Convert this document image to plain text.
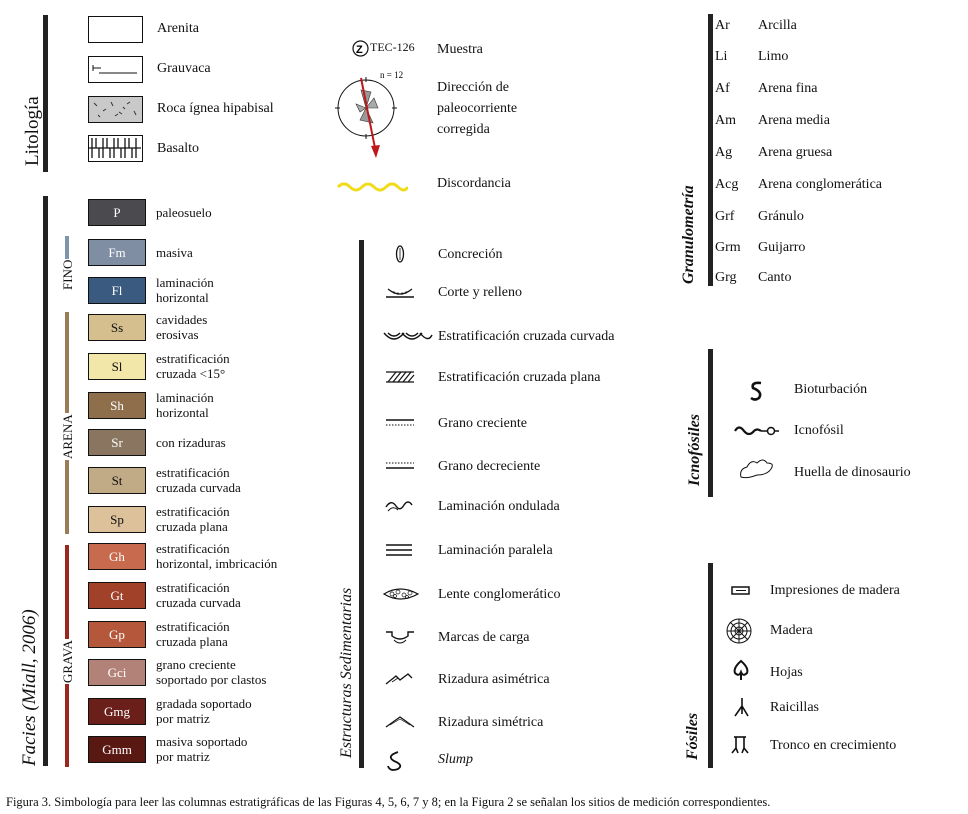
Litología
Arenita
Grauvaca
Roca ígnea hipabisal
Basalto
Facies (Miall, 2006)
FINO
ARENA
GRAVA
P	paleosuelo
Fm	masiva
Fl	laminación
horizontal
Ss	cavidades
erosivas
Sl	estratificación
cruzada <15°
Sh	laminación
horizontal
Sr	con rizaduras
St	estratificación
cruzada curvada
Sp	estratificación
cruzada plana
Gh	estratificación
horizontal, imbricación
Gt	estratificación
cruzada curvada
Gp	estratificación
cruzada plana
Gci	grano creciente
soportado por clastos
Gmg	gradada soportado
por matriz
Gmm	masiva soportado
por matriz
Z TEC-126 Muestra
n = 12
Dirección de
paleocorriente
corregida
Discordancia
Estructuras Sedimentarias
Concreción
Corte y relleno
Estratificación cruzada curvada
Estratificación cruzada plana
Grano creciente
Grano decreciente
Laminación ondulada
Laminación paralela
Lente conglomerático
Marcas de carga
Rizadura asimétrica
Rizadura simétrica
Slump
Granulometría
Ar Arcilla
Li Limo
Af Arena fina
Am Arena media
Ag Arena gruesa
Acg Arena conglomerática
Grf Gránulo
Grm Guijarro
Grg Canto
Icnofósiles
Bioturbación
Icnofósil
Huella de dinosaurio
Fósiles
Impresiones de madera
Madera
Hojas
Raicillas
Tronco en crecimiento
Figura 3. Simbología para leer las columnas estratigráficas de las Figuras 4, 5, 6, 7 y 8; en la Figura 2 se señalan los sitios de medición correspondientes.
